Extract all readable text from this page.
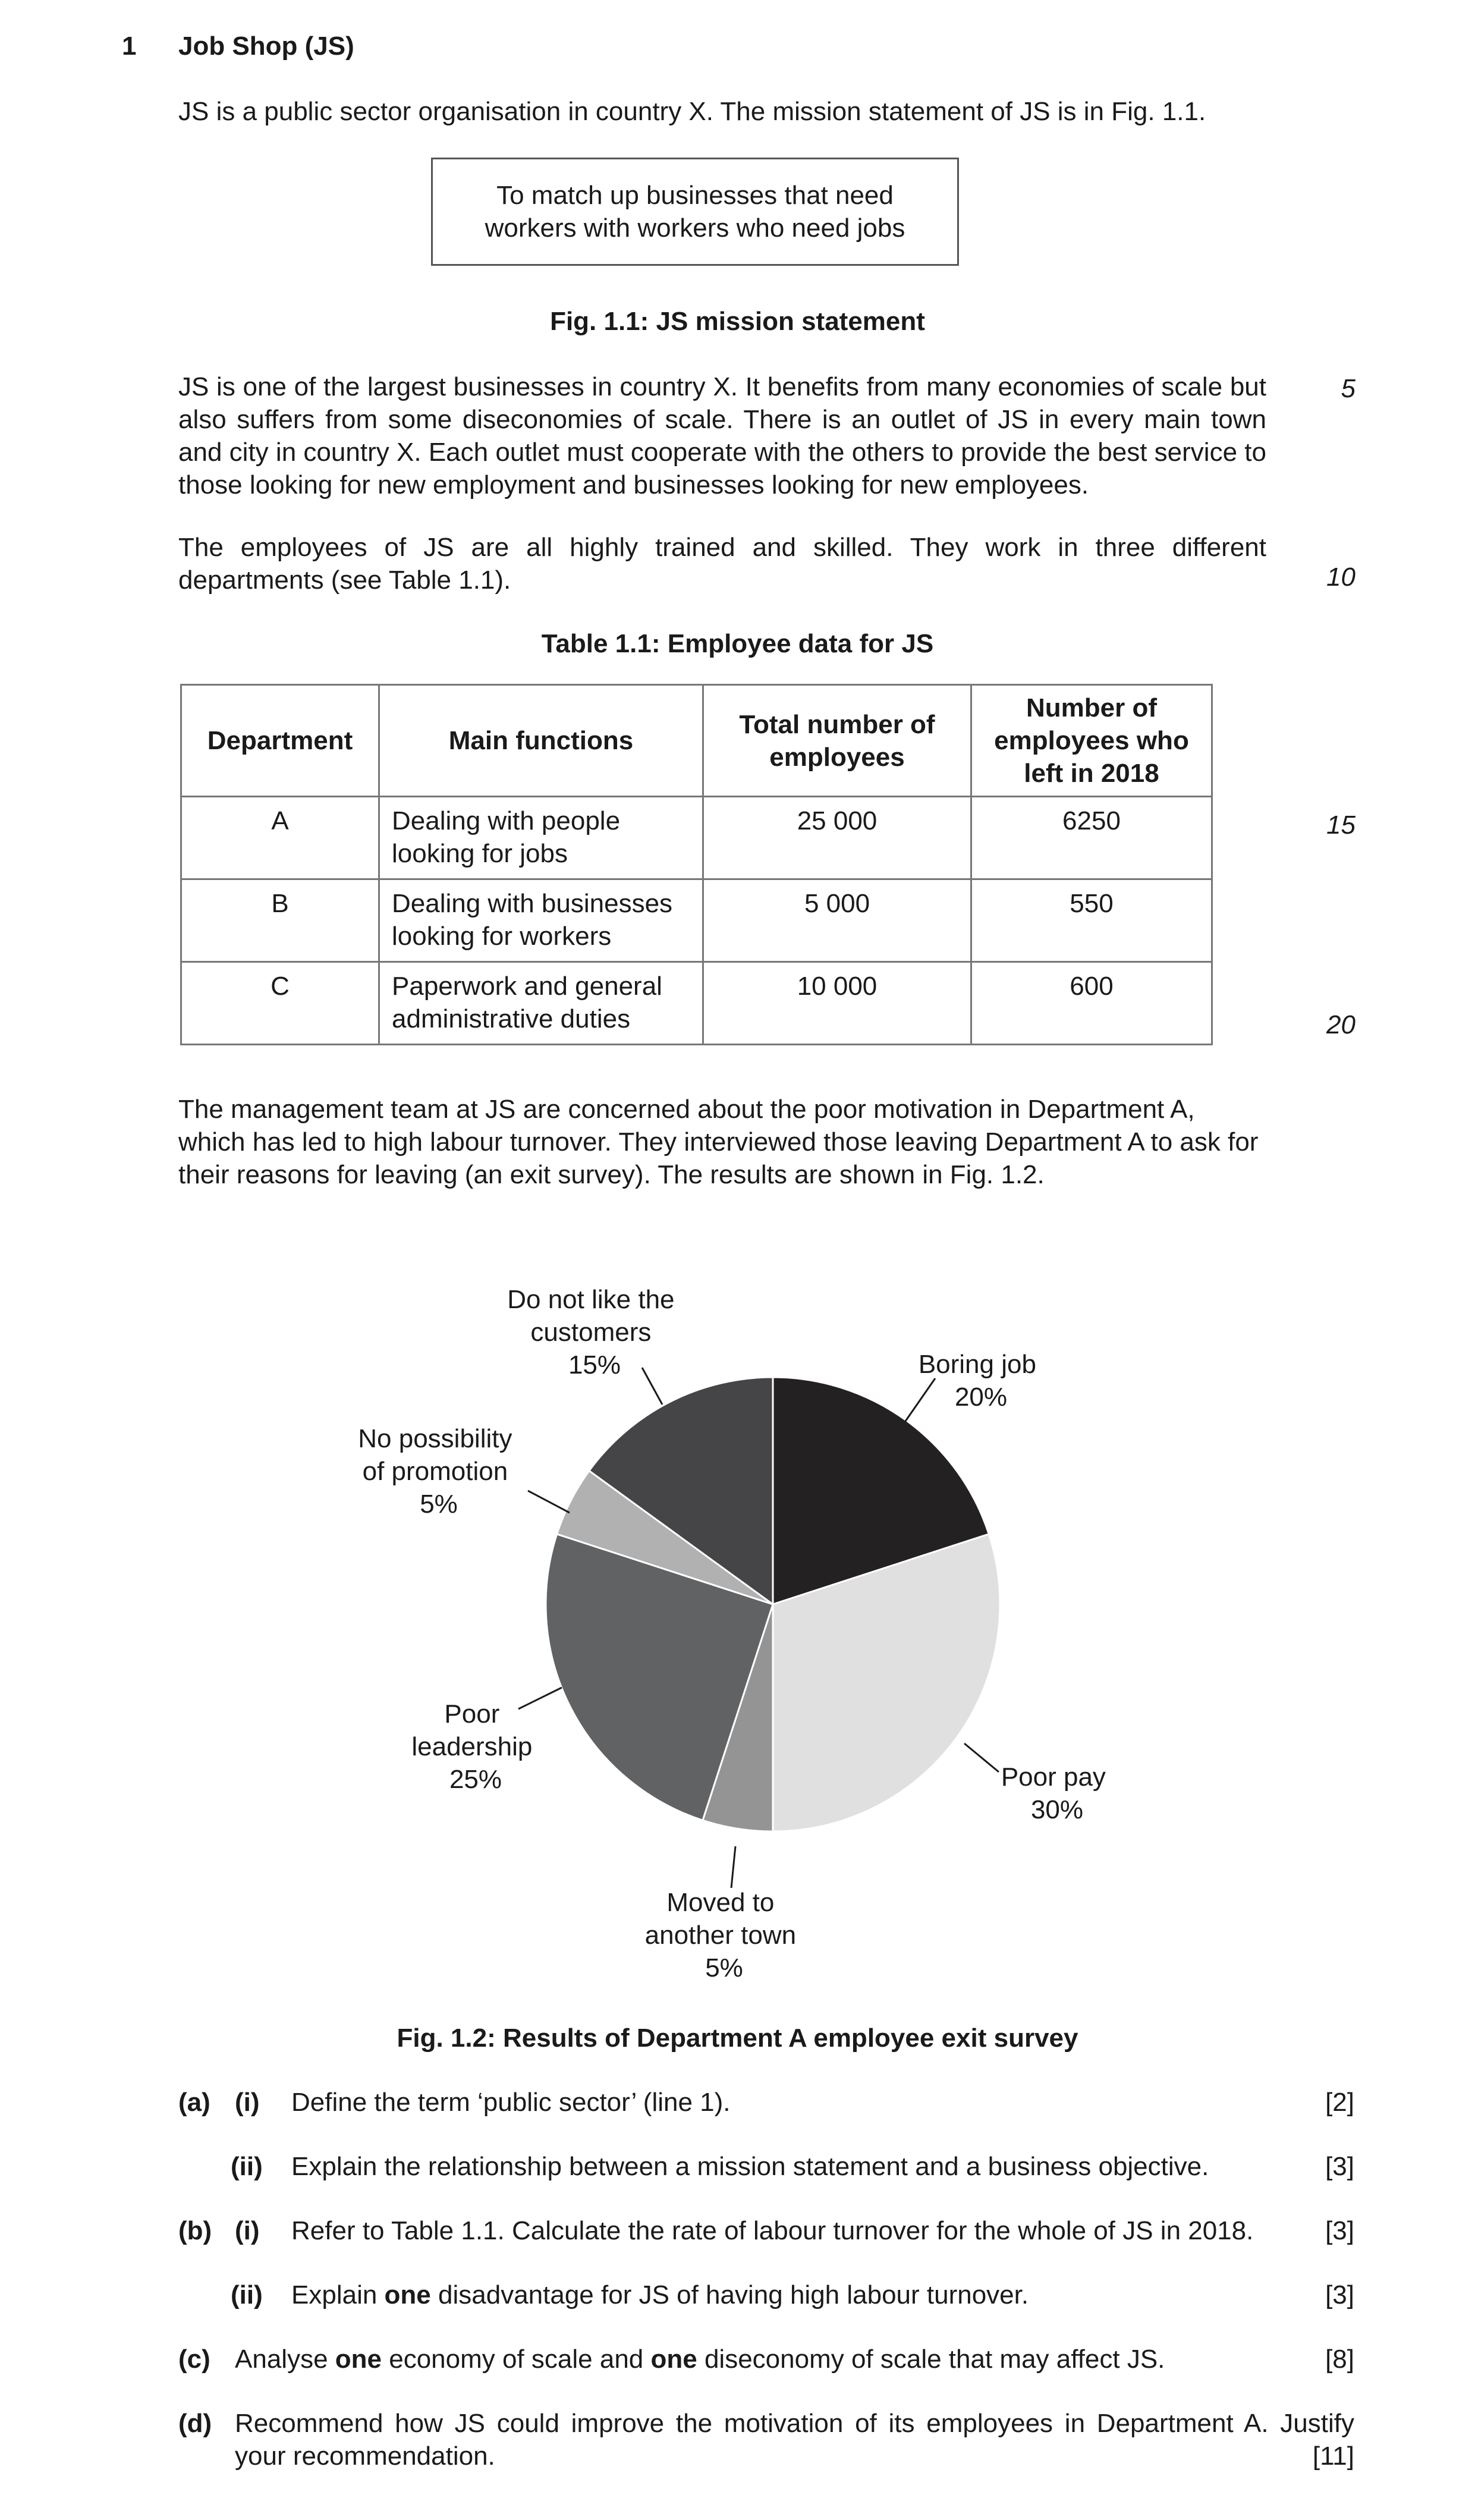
1 Job Shop (JS)
JS is a public sector organisation in country X. The mission statement of JS is in Fig. 1.1.
To match up businesses that need workers with workers who need jobs
Fig. 1.1: JS mission statement
JS is one of the largest businesses in country X. It benefits from many economies of scale but also suffers from some diseconomies of scale. There is an outlet of JS in every main town and city in country X. Each outlet must cooperate with the others to provide the best service to those looking for new employment and businesses looking for new employees.
5
The employees of JS are all highly trained and skilled. They work in three different departments (see Table 1.1).	10
Table 1.1: Employee data for JS
Department	Main functions	Total number of employees	Number of employees who left in 2018
A	Dealing with people looking for jobs	25 000	6250
B	Dealing with businesses looking for workers	5 000	550
C	Paperwork and general administrative duties	10 000	600
15
20
The management team at JS are concerned about the poor motivation in Department A, which has led to high labour turnover. They interviewed those leaving Department A to ask for their reasons for leaving (an exit survey). The results are shown in Fig. 1.2.
Boring job 20%
Poor pay 30%
Moved to another town 5%
Poor leadership 25%
No possibility of promotion 5%
Do not like the customers 15%
Fig. 1.2: Results of Department A employee exit survey
(a) (i) Define the term ‘public sector’ (line 1).	[2]
(ii) Explain the relationship between a mission statement and a business objective.	[3]
(b) (i) Refer to Table 1.1. Calculate the rate of labour turnover for the whole of JS in 2018.	[3]
(ii) Explain one disadvantage for JS of having high labour turnover.	[3]
(c) Analyse one economy of scale and one diseconomy of scale that may affect JS.	[8]
(d) Recommend how JS could improve the motivation of its employees in Department A. Justify your recommendation.	[11]
